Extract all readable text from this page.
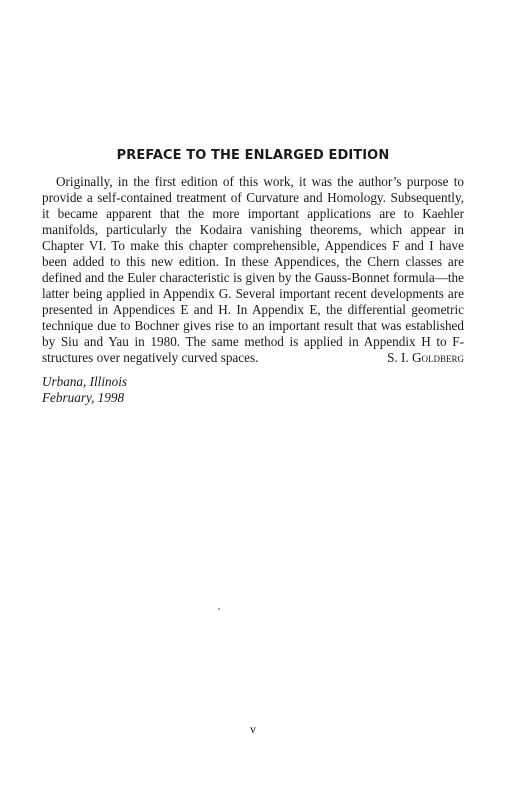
PREFACE TO THE ENLARGED EDITION

Originally, in the first edition of this work, it was the author’s purpose to provide a self-contained treatment of Curvature and Homology. Subsequently, it became apparent that the more important applications are to Kaehler manifolds, particularly the Kodaira vanishing theorems, which appear in Chapter VI. To make this chapter comprehensible, Appendices F and I have been added to this new edition. In these Appendices, the Chern classes are defined and the Euler characteristic is given by the Gauss-Bonnet formula—the latter being applied in Appendix G. Several important recent developments are presented in Appendices E and H. In Appendix E, the differential geometric technique due to Bochner gives rise to an important result that was established by Siu and Yau in 1980. The same method is applied in Appendix H to F-structures over negatively curved spaces.	S. I. Goldberg

Urbana, Illinois
February, 1998

v
